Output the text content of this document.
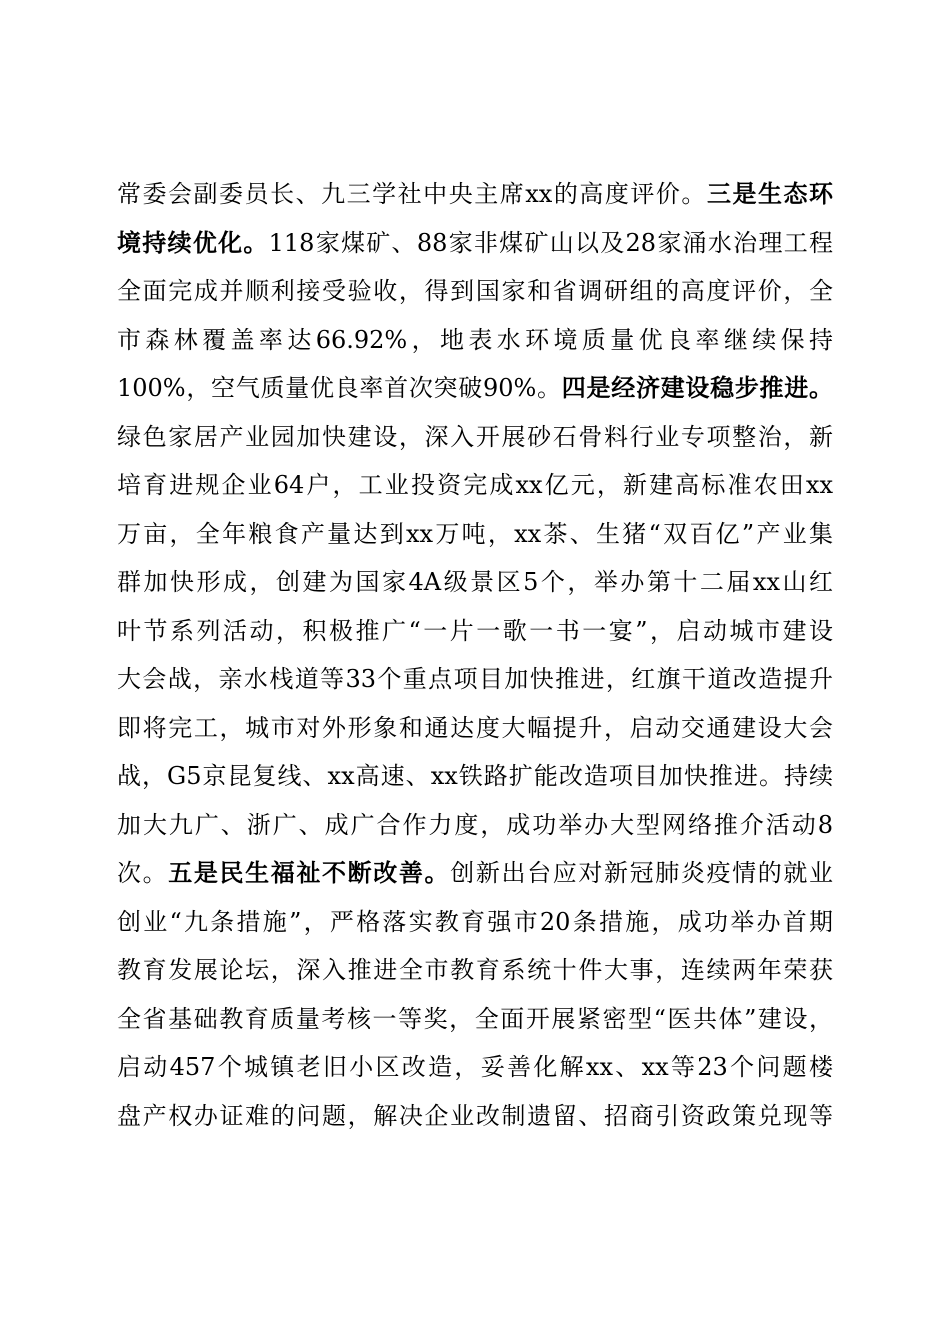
常委会副委员长、九三学社中央主席xx的高度评价。三是生态环
境持续优化。118家煤矿、88家非煤矿山以及28家涌水治理工程
全面完成并顺利接受验收，得到国家和省调研组的高度评价，全
市森林覆盖率达66.92%，地表水环境质量优良率继续保持
100%，空气质量优良率首次突破90%。四是经济建设稳步推进。
绿色家居产业园加快建设，深入开展砂石骨料行业专项整治，新
培育进规企业64户，工业投资完成xx亿元，新建高标准农田xx
万亩，全年粮食产量达到xx万吨，xx茶、生猪“双百亿”产业集
群加快形成，创建为国家4A级景区5个，举办第十二届xx山红
叶节系列活动，积极推广“一片一歌一书一宴”，启动城市建设
大会战，亲水栈道等33个重点项目加快推进，红旗干道改造提升
即将完工，城市对外形象和通达度大幅提升，启动交通建设大会
战，G5京昆复线、xx高速、xx铁路扩能改造项目加快推进。持续
加大九广、浙广、成广合作力度，成功举办大型网络推介活动8
次。五是民生福祉不断改善。创新出台应对新冠肺炎疫情的就业
创业“九条措施”，严格落实教育强市20条措施，成功举办首期
教育发展论坛，深入推进全市教育系统十件大事，连续两年荣获
全省基础教育质量考核一等奖，全面开展紧密型“医共体”建设，
启动457个城镇老旧小区改造，妥善化解xx、xx等23个问题楼
盘产权办证难的问题，解决企业改制遗留、招商引资政策兑现等
